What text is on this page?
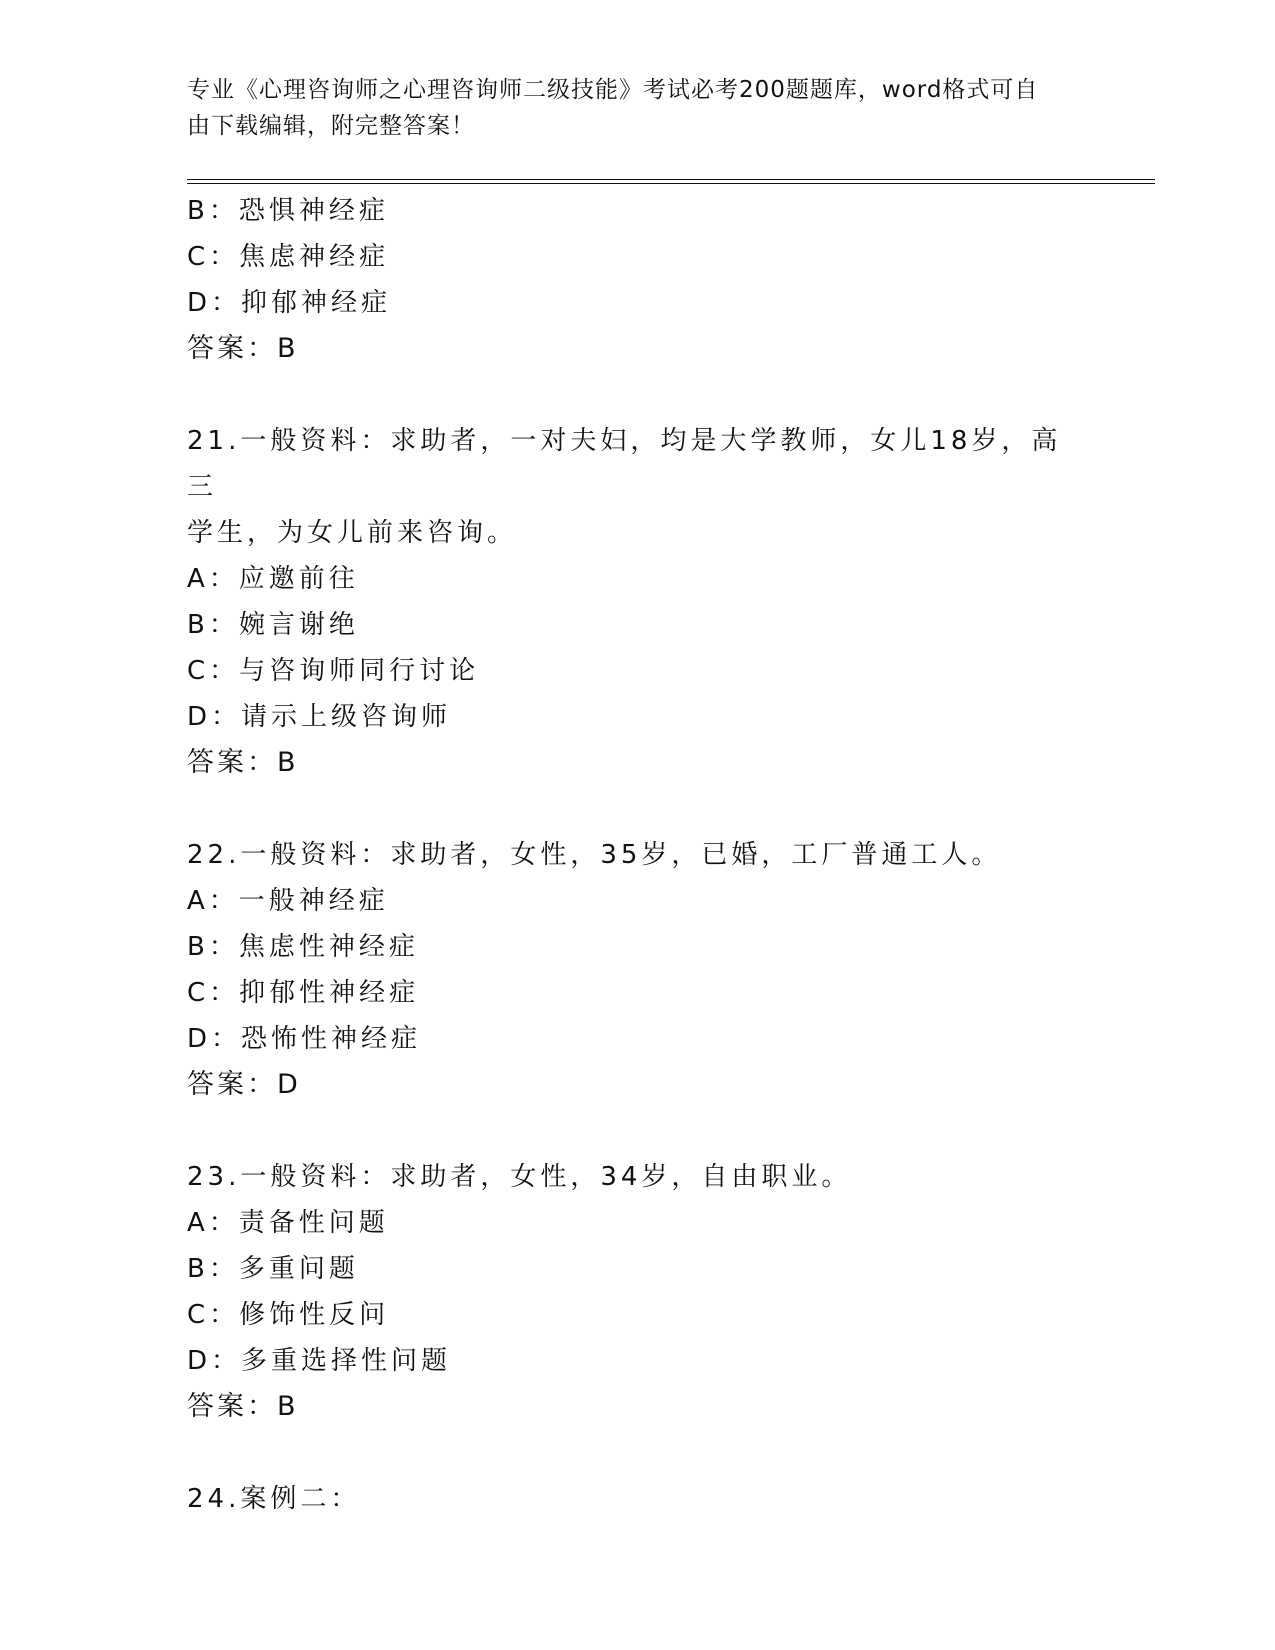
专业《心理咨询师之心理咨询师二级技能》考试必考200题题库，word格式可自
由下载编辑，附完整答案！
B：恐惧神经症
C：焦虑神经症
D：抑郁神经症
答案：B
21.一般资料：求助者，一对夫妇，均是大学教师，女儿18岁，高三
学生，为女儿前来咨询。
A：应邀前往
B：婉言谢绝
C：与咨询师同行讨论
D：请示上级咨询师
答案：B
22.一般资料：求助者，女性，35岁，已婚，工厂普通工人。
A：一般神经症
B：焦虑性神经症
C：抑郁性神经症
D：恐怖性神经症
答案：D
23.一般资料：求助者，女性，34岁，自由职业。
A：责备性问题
B：多重问题
C：修饰性反问
D：多重选择性问题
答案：B
24.案例二：
